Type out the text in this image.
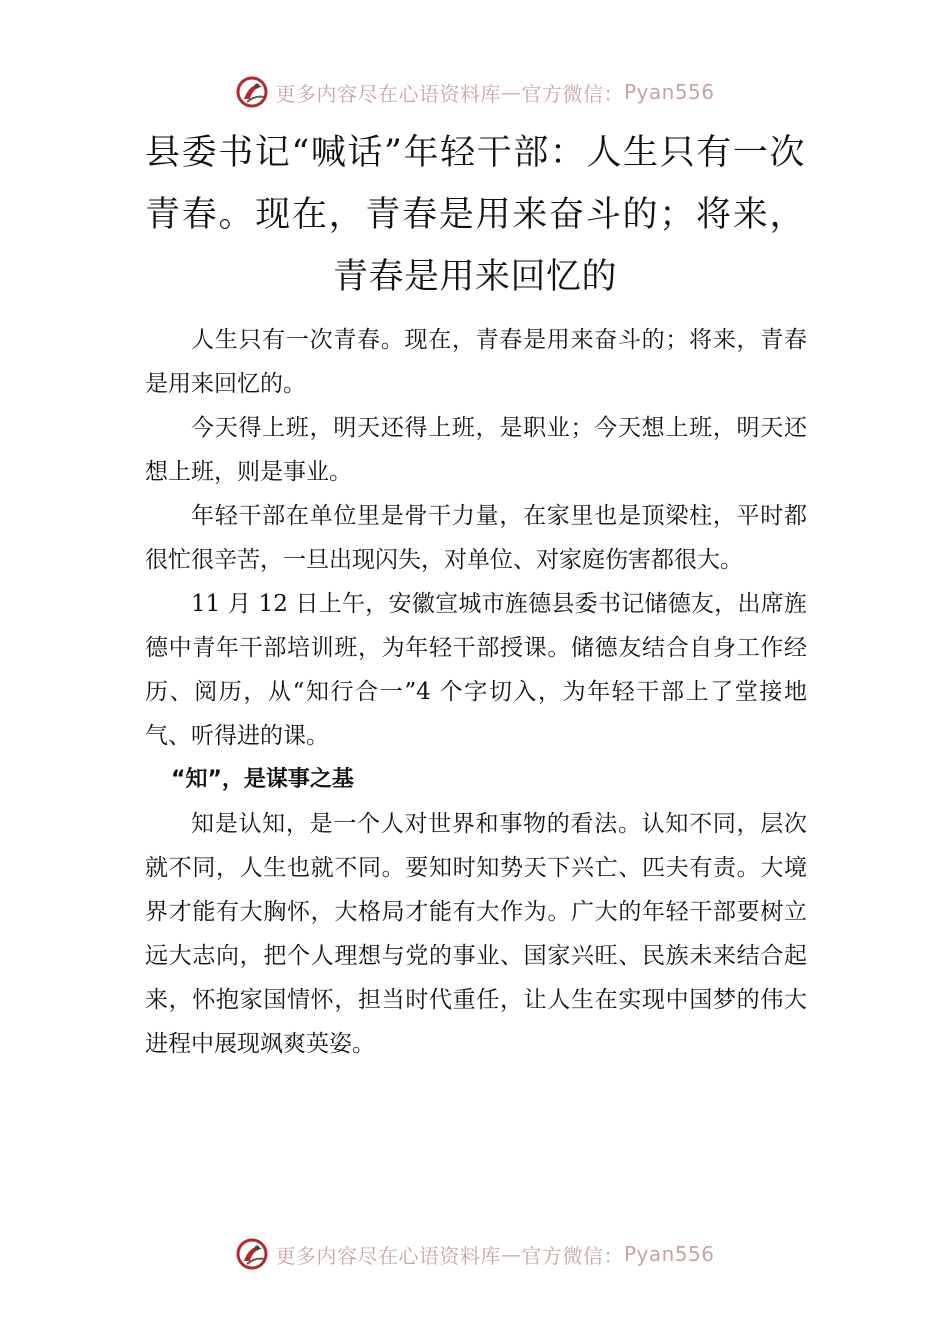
更多内容尽在心语资料库 — 官方微信： Pyan556
县委书记“喊话”年轻干部：人生只有一次青春。现在，青春是用来奋斗的；将来，青春是用来回忆的

人生只有一次青春。现在，青春是用来奋斗的；将来，青春是用来回忆的。

今天得上班，明天还得上班，是职业；今天想上班，明天还想上班，则是事业。

年轻干部在单位里是骨干力量，在家里也是顶梁柱，平时都很忙很辛苦，一旦出现闪失，对单位、对家庭伤害都很大。

11 月 12 日上午，安徽宣城市旌德县委书记储德友，出席旌德中青年干部培训班，为年轻干部授课。储德友结合自身工作经历、阅历，从“知行合一”4 个字切入，为年轻干部上了堂接地气、听得进的课。

“知”，是谋事之基

知是认知，是一个人对世界和事物的看法。认知不同，层次就不同，人生也就不同。要知时知势天下兴亡、匹夫有责。大境界才能有大胸怀，大格局才能有大作为。广大的年轻干部要树立远大志向，把个人理想与党的事业、国家兴旺、民族未来结合起来，怀抱家国情怀，担当时代重任，让人生在实现中国梦的伟大进程中展现飒爽英姿。

更多内容尽在心语资料库 — 官方微信： Pyan556
